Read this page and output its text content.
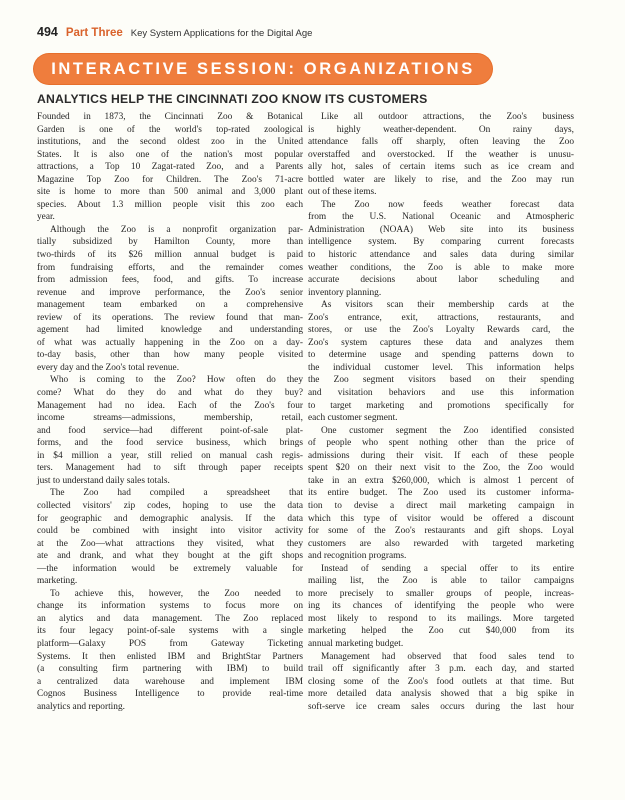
494 Part Three Key System Applications for the Digital Age
INTERACTIVE SESSION: ORGANIZATIONS
ANALYTICS HELP THE CINCINNATI ZOO KNOW ITS CUSTOMERS
Founded in 1873, the Cincinnati Zoo & Botanical
Garden is one of the world's top-rated zoological
institutions, and the second oldest zoo in the United
States. It is also one of the nation's most popular
attractions, a Top 10 Zagat-rated Zoo, and a Parents
Magazine Top Zoo for Children. The Zoo's 71-acre
site is home to more than 500 animal and 3,000 plant
species. About 1.3 million people visit this zoo each
year.
Although the Zoo is a nonprofit organization par-
tially subsidized by Hamilton County, more than
two-thirds of its $26 million annual budget is paid
from fundraising efforts, and the remainder comes
from admission fees, food, and gifts. To increase
revenue and improve performance, the Zoo's senior
management team embarked on a comprehensive
review of its operations. The review found that man-
agement had limited knowledge and understanding
of what was actually happening in the Zoo on a day-
to-day basis, other than how many people visited
every day and the Zoo's total revenue.
Who is coming to the Zoo? How often do they
come? What do they do and what do they buy?
Management had no idea. Each of the Zoo's four
income streams—admissions, membership, retail,
and food service—had different point-of-sale plat-
forms, and the food service business, which brings
in $4 million a year, still relied on manual cash regis-
ters. Management had to sift through paper receipts
just to understand daily sales totals.
The Zoo had compiled a spreadsheet that
collected visitors' zip codes, hoping to use the data
for geographic and demographic analysis. If the data
could be combined with insight into visitor activity
at the Zoo—what attractions they visited, what they
ate and drank, and what they bought at the gift shops
—the information would be extremely valuable for
marketing.
To achieve this, however, the Zoo needed to
change its information systems to focus more on
an alytics and data management. The Zoo replaced
its four legacy point-of-sale systems with a single
platform—Galaxy POS from Gateway Ticketing
Systems. It then enlisted IBM and BrightStar Partners
(a consulting firm partnering with IBM) to build
a centralized data warehouse and implement IBM
Cognos Business Intelligence to provide real-time
analytics and reporting.
Like all outdoor attractions, the Zoo's business
is highly weather-dependent. On rainy days,
attendance falls off sharply, often leaving the Zoo
overstaffed and overstocked. If the weather is unusu-
ally hot, sales of certain items such as ice cream and
bottled water are likely to rise, and the Zoo may run
out of these items.
The Zoo now feeds weather forecast data
from the U.S. National Oceanic and Atmospheric
Administration (NOAA) Web site into its business
intelligence system. By comparing current forecasts
to historic attendance and sales data during similar
weather conditions, the Zoo is able to make more
accurate decisions about labor scheduling and
inventory planning.
As visitors scan their membership cards at the
Zoo's entrance, exit, attractions, restaurants, and
stores, or use the Zoo's Loyalty Rewards card, the
Zoo's system captures these data and analyzes them
to determine usage and spending patterns down to
the individual customer level. This information helps
the Zoo segment visitors based on their spending
and visitation behaviors and use this information
to target marketing and promotions specifically for
each customer segment.
One customer segment the Zoo identified consisted
of people who spent nothing other than the price of
admissions during their visit. If each of these people
spent $20 on their next visit to the Zoo, the Zoo would
take in an extra $260,000, which is almost 1 percent of
its entire budget. The Zoo used its customer informa-
tion to devise a direct mail marketing campaign in
which this type of visitor would be offered a discount
for some of the Zoo's restaurants and gift shops. Loyal
customers are also rewarded with targeted marketing
and recognition programs.
Instead of sending a special offer to its entire
mailing list, the Zoo is able to tailor campaigns
more precisely to smaller groups of people, increas-
ing its chances of identifying the people who were
most likely to respond to its mailings. More targeted
marketing helped the Zoo cut $40,000 from its
annual marketing budget.
Management had observed that food sales tend to
trail off significantly after 3 p.m. each day, and started
closing some of the Zoo's food outlets at that time. But
more detailed data analysis showed that a big spike in
soft-serve ice cream sales occurs during the last hour
